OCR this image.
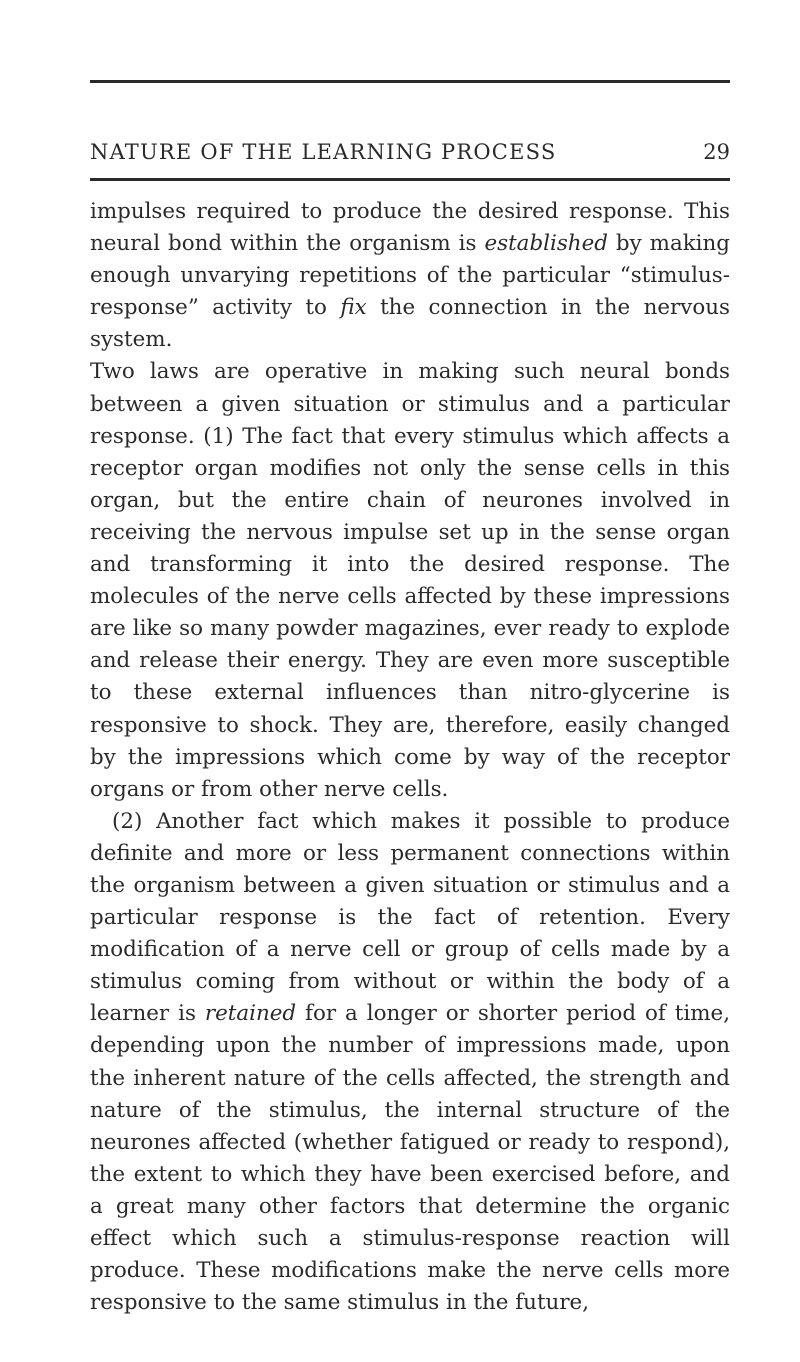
NATURE OF THE LEARNING PROCESS	29

impulses required to produce the desired response. This neural bond within the organism is established by making enough unvarying repetitions of the particular “stimulus-response” activity to fix the connection in the nervous system.

Two laws are operative in making such neural bonds between a given situation or stimulus and a particular response. (1) The fact that every stimulus which affects a receptor organ modifies not only the sense cells in this organ, but the entire chain of neurones involved in receiving the nervous impulse set up in the sense organ and transforming it into the desired response. The molecules of the nerve cells affected by these impressions are like so many powder magazines, ever ready to explode and release their energy. They are even more susceptible to these external influences than nitro-glycerine is responsive to shock. They are, therefore, easily changed by the impressions which come by way of the receptor organs or from other nerve cells.

(2) Another fact which makes it possible to produce definite and more or less permanent connections within the organism between a given situation or stimulus and a particular response is the fact of retention. Every modification of a nerve cell or group of cells made by a stimulus coming from without or within the body of a learner is retained for a longer or shorter period of time, depending upon the number of impressions made, upon the inherent nature of the cells affected, the strength and nature of the stimulus, the internal structure of the neurones affected (whether fatigued or ready to respond), the extent to which they have been exercised before, and a great many other factors that determine the organic effect which such a stimulus-response reaction will produce. These modifications make the nerve cells more responsive to the same stimulus in the future,
